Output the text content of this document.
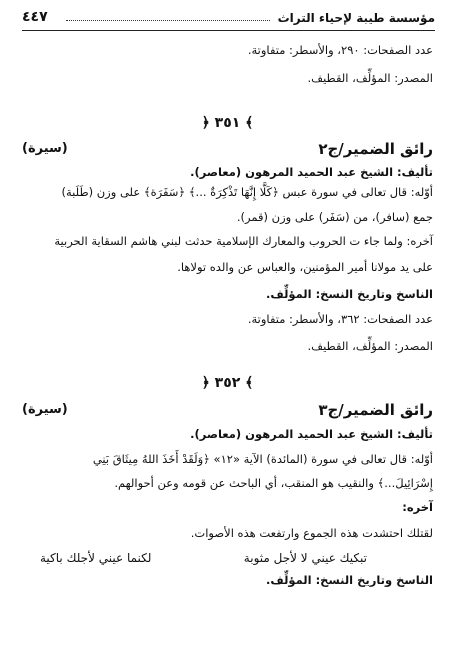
مؤسسة طيبة لإحياء التراث
٤٤٧
عدد الصفحات: ٢٩٠، والأسطر: متفاوتة.
المصدر: المؤلِّف، القطيف.
﴿ ٣٥١ ﴾
رائق الضمير/ج٢
(سيرة)
تأليف: الشيخ عبد الحميد المرهون (معاصر).
أوّله: قال تعالى في سورة عبس ﴿كَلَّا إِنَّهَا تَذْكِرَةٌ ...﴾ ﴿سَفَرَة﴾ على وزن (طَلَبة)
جمع (سافر)، من (سَفَر) على وزن (قمر).
آخره: ولما جاء ت الحروب والمعارك الإسلامية حدثت لبني هاشم السقاية الحربية
على يد مولانا أمير المؤمنين، والعباس عن والده تولاها.
الناسخ وتاريخ النسخ: المؤلِّف.
عدد الصفحات: ٣٦٢، والأسطر: متفاوتة.
المصدر: المؤلِّف، القطيف.
﴿ ٣٥٢ ﴾
رائق الضمير/ج٣
(سيرة)
تأليف: الشيخ عبد الحميد المرهون (معاصر).
أوّله: قال تعالى في سورة (المائدة) الآية «١٢» ﴿وَلَقَدْ أَخَذَ اللهُ مِيثَاقَ بَنِي
إِسْرَائِيلَ...﴾ والنقيب هو المنقب، أي الباحث عن قومه وعن أحوالهم.
آخره:
لقتلك احتشدت هذه الجموع وارتفعت هذه الأصوات.
تبكيك عيني لا لأجل مثوبة
لكنما عيني لأجلك باكية
الناسخ وتاريخ النسخ: المؤلِّف.
